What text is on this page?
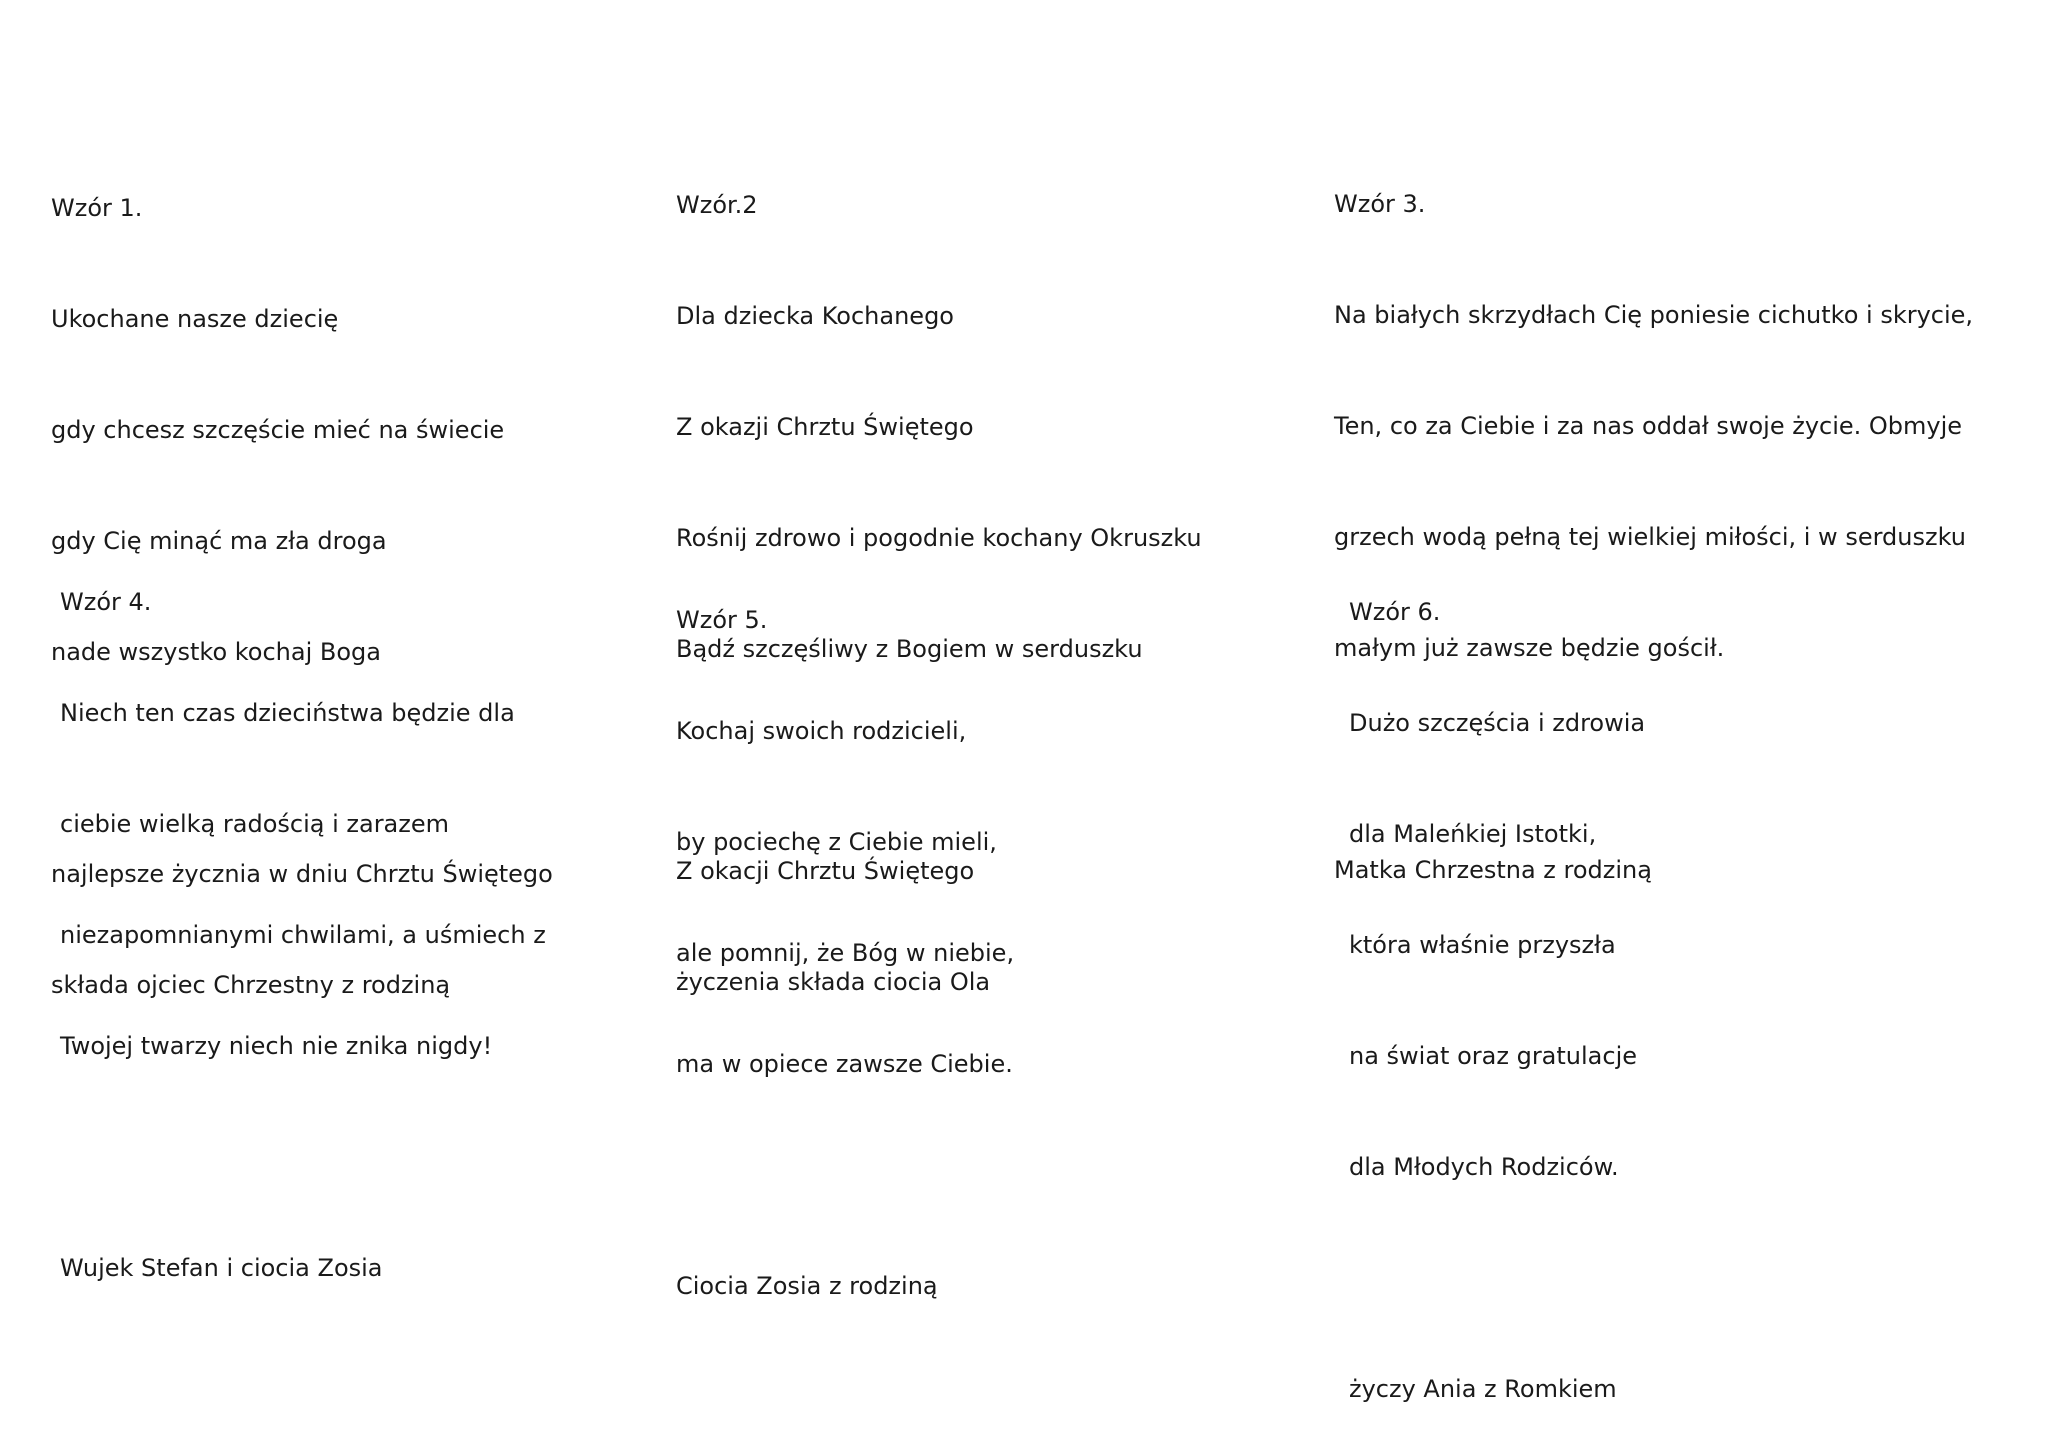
Wzór 1.

Ukochane nasze dziecię

gdy chcesz szczęście mieć na świecie

gdy Cię minąć ma zła droga

nade wszystko kochaj Boga

najlepsze życznia w dniu Chrztu Świętego

składa ojciec Chrzestny z rodziną

Wzór.2

Dla dziecka Kochanego

Z okazji Chrztu Świętego

Rośnij zdrowo i pogodnie kochany Okruszku

Bądź szczęśliwy z Bogiem w serduszku

Z okacji Chrztu Świętego

życzenia składa ciocia Ola

Wzór 3.

Na białych skrzydłach Cię poniesie cichutko i skrycie,

Ten, co za Ciebie i za nas oddał swoje życie. Obmyje

grzech wodą pełną tej wielkiej miłości, i w serduszku

małym już zawsze będzie gościł.

Matka Chrzestna z rodziną

Wzór 4.

Niech ten czas dzieciństwa będzie dla

ciebie wielką radością i zarazem

niezapomnianymi chwilami, a uśmiech z

Twojej twarzy niech nie znika nigdy!

Wujek Stefan i ciocia Zosia

Wzór 5.

Kochaj swoich rodzicieli,

by pociechę z Ciebie mieli,

ale pomnij, że Bóg w niebie,

ma w opiece zawsze Ciebie.

Ciocia Zosia z rodziną

Wzór 6.

Dużo szczęścia i zdrowia

dla Maleńkiej Istotki,

która właśnie przyszła

na świat oraz gratulacje

dla Młodych Rodziców.

życzy Ania z Romkiem
